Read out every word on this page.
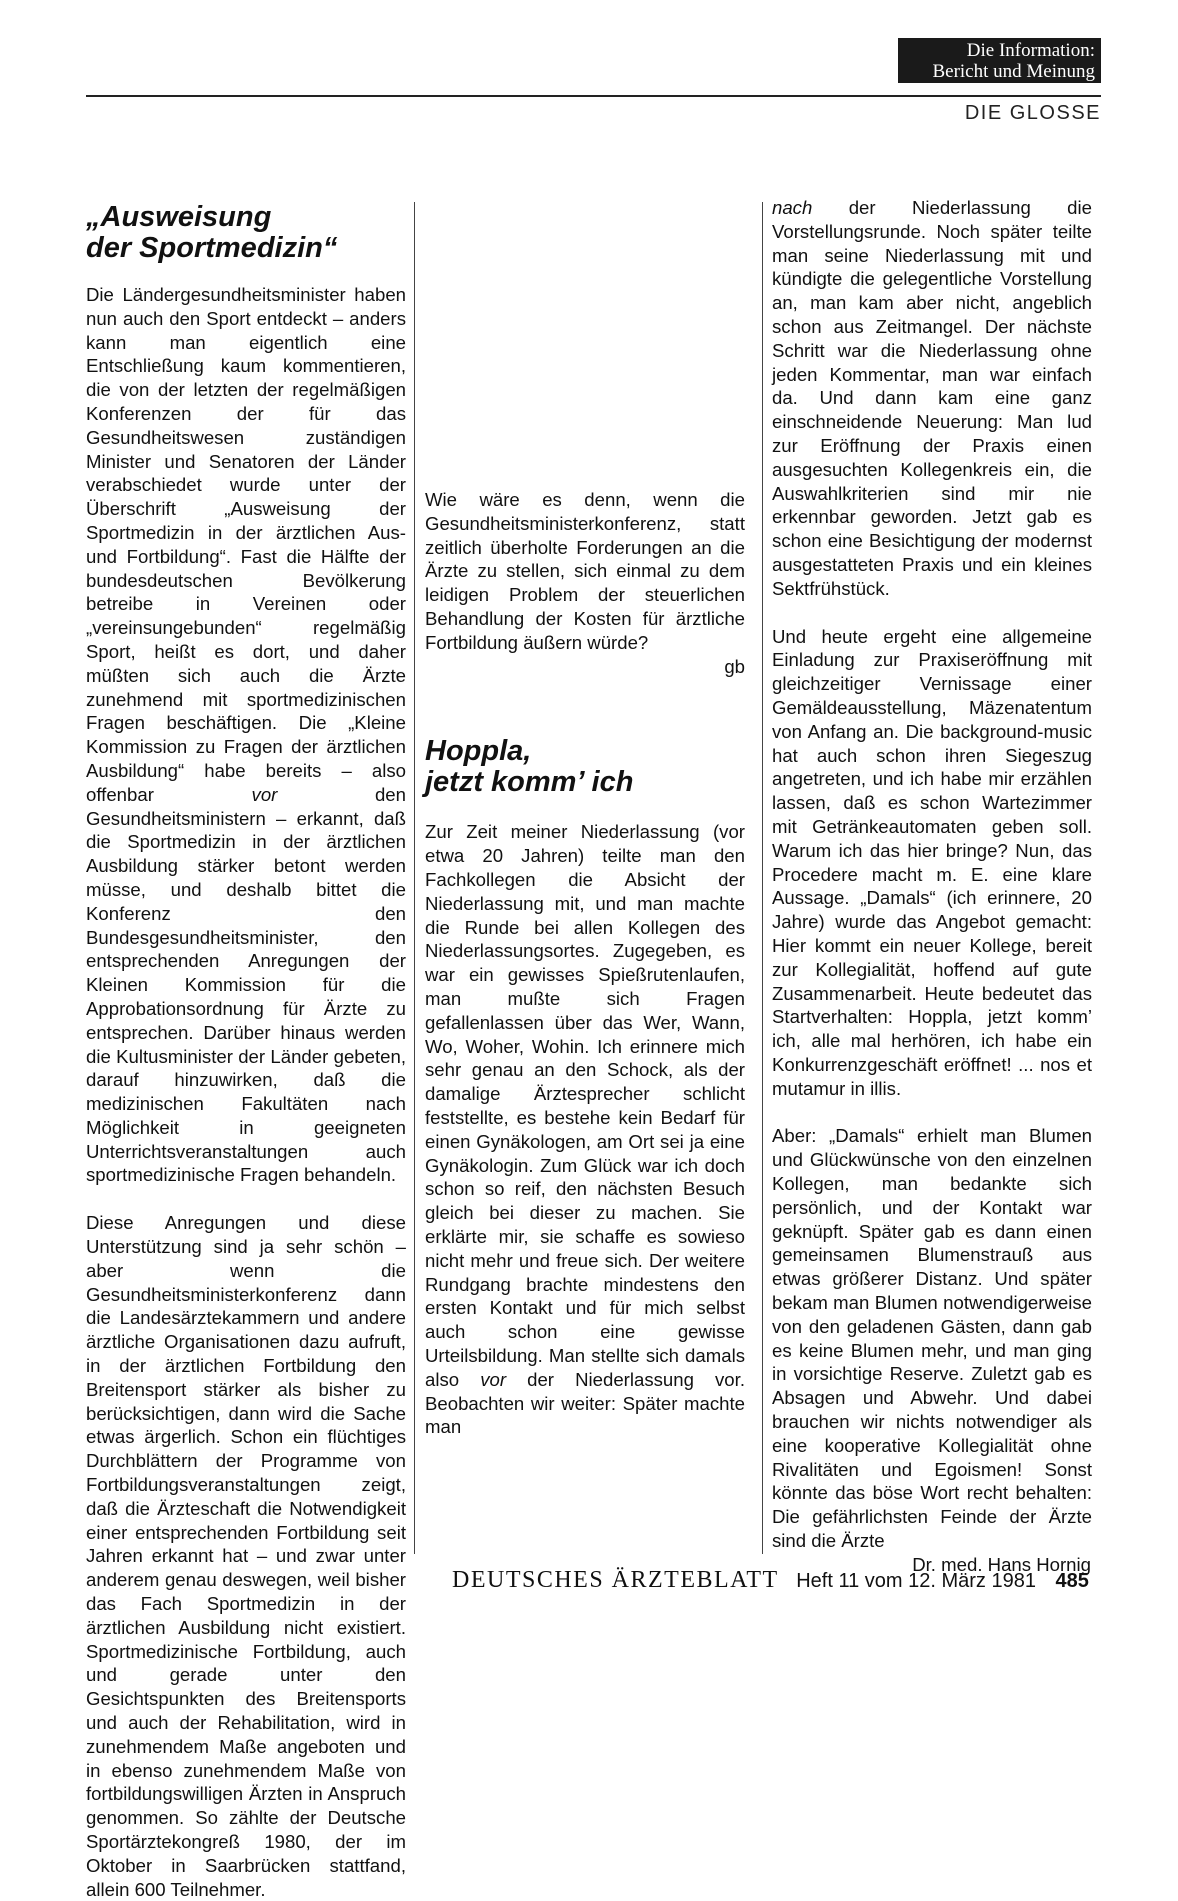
Die Information:
Bericht und Meinung
DIE GLOSSE
„Ausweisung
der Sportmedizin“

Die Ländergesundheitsminister haben nun auch den Sport entdeckt – anders kann man eigentlich eine Entschließung kaum kommentieren, die von der letzten der regelmäßigen Konferenzen der für das Gesundheitswesen zuständigen Minister und Senatoren der Länder verabschiedet wurde unter der Überschrift „Ausweisung der Sportmedizin in der ärztlichen Aus- und Fortbildung“. Fast die Hälfte der bundesdeutschen Bevölkerung betreibe in Vereinen oder „vereinsungebunden“ regelmäßig Sport, heißt es dort, und daher müßten sich auch die Ärzte zunehmend mit sportmedizinischen Fragen beschäftigen. Die „Kleine Kommission zu Fragen der ärztlichen Ausbildung“ habe bereits – also offenbar	vor	den Gesundheitsministern – erkannt, daß die Sportmedizin in der ärztlichen Ausbildung stärker betont werden müsse, und deshalb bittet die Konferenz den Bundesgesundheitsminister, den entsprechenden Anregungen der Kleinen Kommission für die Approbationsordnung für Ärzte zu entsprechen. Darüber hinaus werden die Kultusminister der Länder gebeten, darauf hinzuwirken, daß die medizinischen Fakultäten nach Möglichkeit in geeigneten Unterrichtsveranstaltungen auch sportmedizinische Fragen behandeln.

Diese Anregungen und diese Unterstützung sind ja sehr schön – aber wenn die Gesundheitsministerkonferenz dann die Landesärztekammern und andere ärztliche Organisationen dazu aufruft, in der ärztlichen Fortbildung den Breitensport stärker als bisher zu berücksichtigen, dann wird die Sache etwas ärgerlich. Schon ein flüchtiges Durchblättern der Programme von Fortbildungsveranstaltungen zeigt, daß die Ärzteschaft die Notwendigkeit einer entsprechenden Fortbildung seit Jahren erkannt hat – und zwar unter anderem genau deswegen, weil bisher das Fach Sportmedizin in der ärztlichen Ausbildung nicht existiert. Sportmedizinische Fortbildung, auch und gerade unter den Gesichtspunkten des Breitensports und auch der Rehabilitation, wird in zunehmendem Maße angeboten und in ebenso zunehmendem Maße von fortbildungswilligen Ärzten in Anspruch genommen. So zählte der Deutsche Sportärztekongreß 1980, der im Oktober in Saarbrücken stattfand, allein 600 Teilnehmer.

Wie wäre es denn, wenn die Gesundheitsministerkonferenz, statt zeitlich überholte Forderungen an die Ärzte zu stellen, sich einmal zu dem leidigen Problem der steuerlichen Behandlung der Kosten für ärztliche Fortbildung äußern würde?

gb
Hoppla,
jetzt komm’ ich

Zur Zeit meiner Niederlassung (vor etwa 20 Jahren) teilte man den Fachkollegen die Absicht der Niederlassung mit, und man machte die Runde bei allen Kollegen des Niederlassungsortes. Zugegeben, es war ein gewisses Spießrutenlaufen, man mußte sich Fragen gefallenlassen über das Wer, Wann, Wo, Woher, Wohin. Ich erinnere mich sehr genau an den Schock, als der damalige Ärztesprecher schlicht feststellte, es bestehe kein Bedarf für einen Gynäkologen, am Ort sei ja eine Gynäkologin. Zum Glück war ich doch schon so reif, den nächsten Besuch gleich bei dieser zu machen. Sie erklärte mir, sie schaffe es sowieso nicht mehr und freue sich. Der weitere Rundgang brachte mindestens den ersten Kontakt und für mich selbst auch schon eine gewisse Urteilsbildung. Man stellte sich damals also vor der Niederlassung vor. Beobachten wir weiter: Später machte man

nach der Niederlassung die Vorstellungsrunde. Noch später teilte man seine Niederlassung mit und kündigte die gelegentliche Vorstellung an, man kam aber nicht, angeblich schon aus Zeitmangel. Der nächste Schritt war die Niederlassung ohne jeden Kommentar, man war einfach da. Und dann kam eine ganz einschneidende Neuerung: Man lud zur Eröffnung der Praxis einen ausgesuchten Kollegenkreis ein, die Auswahlkriterien sind mir nie erkennbar geworden. Jetzt gab es schon eine Besichtigung der modernst ausgestatteten Praxis und ein kleines Sektfrühstück.

Und heute ergeht eine allgemeine Einladung zur Praxiseröffnung mit gleichzeitiger Vernissage einer Gemäldeausstellung, Mäzenatentum von Anfang an. Die background-music hat auch schon ihren Siegeszug angetreten, und ich habe mir erzählen lassen, daß es schon Wartezimmer mit Getränkeautomaten geben soll. Warum ich das hier bringe? Nun, das Procedere macht m. E. eine klare Aussage. „Damals“ (ich erinnere, 20 Jahre) wurde das Angebot gemacht: Hier kommt ein neuer Kollege, bereit zur Kollegialität, hoffend auf gute Zusammenarbeit. Heute bedeutet das Startverhalten: Hoppla, jetzt komm’ ich, alle mal herhören, ich habe ein Konkurrenzgeschäft eröffnet! ... nos et mutamur in illis.

Aber: „Damals“ erhielt man Blumen und Glückwünsche von den einzelnen Kollegen, man bedankte sich persönlich, und der Kontakt war geknüpft. Später gab es dann einen gemeinsamen Blumenstrauß aus etwas größerer Distanz. Und später bekam man Blumen notwendigerweise von den geladenen Gästen, dann gab es keine Blumen mehr, und man ging in vorsichtige Reserve. Zuletzt gab es Absagen und Abwehr. Und dabei brauchen wir nichts notwendiger als eine kooperative Kollegialität ohne Rivalitäten und Egoismen! Sonst könnte das böse Wort recht behalten: Die gefährlichsten Feinde der Ärzte sind die Ärzte

Dr. med. Hans Hornig
DEUTSCHES ÄRZTEBLATT Heft 11 vom 12. März 1981 485
